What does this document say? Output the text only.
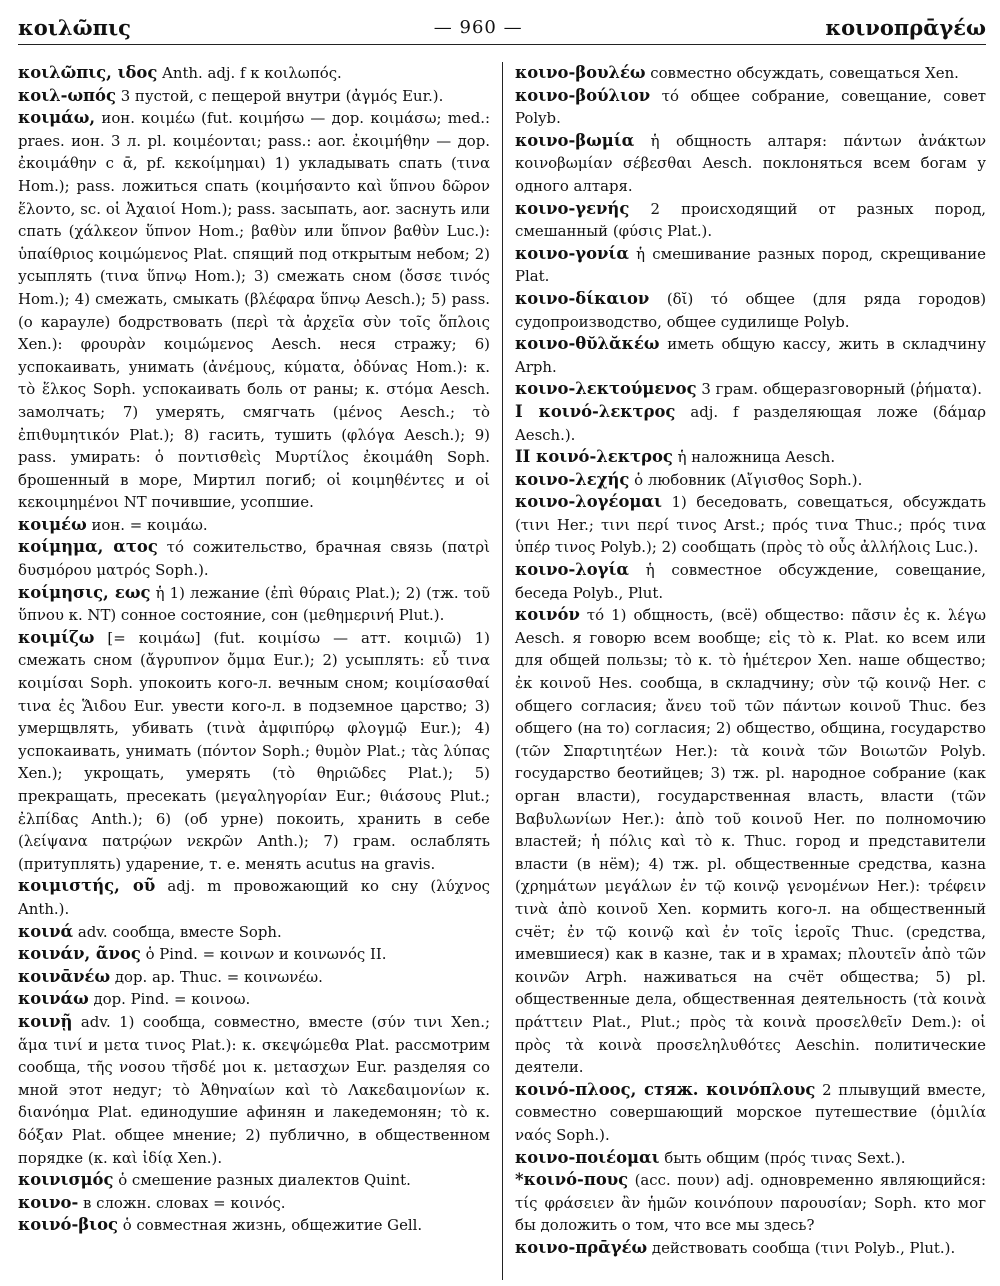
κοιλῶπις	— 960 —	κοινοπρᾱγέω

κοιλῶπις, ιδος Anth. adj. f к κοιλωπός.

κοιλ-ωπός 3 пустой, с пещерой внутри (ἀγμός Eur.).

κοιμάω, ион. κοιμέω (fut. κοιμήσω — дор. κοιμάσω; med.: praes. ион. 3 л. pl. κοιμέονται; pass.: aor. ἐκοιμήθην — дор. ἐκοιμάθην с ᾱ, pf. κεκοίμημαι) 1) укладывать спать (τινα Hom.); pass. ложиться спать (κοιμήσαντο καὶ ὕπνου δῶρον ἕλοντο, sc. οἱ Ἀχαιοί Hom.); pass. засыпать, aor. заснуть или спать (χάλκεον ὕπνον Hom.; βαθὺν или ὕπνον βαθὺν Luc.): ὑπαίθριος κοιμώμενος Plat. спящий под открытым небом; 2) усыплять (τινα ὕπνῳ Hom.); 3) смежать сном (ὄσσε τινός Hom.); 4) смежать, смыкать (βλέφαρα ὕπνῳ Aesch.); 5) pass. (о карауле) бодрствовать (περὶ τὰ ἀρχεῖα σὺν τοῖς ὅπλοις Xen.): φρουρὰν κοιμώμενος Aesch. неся стражу; 6) успокаивать, унимать (ἀνέμους, κύματα, ὀδύνας Hom.): κ. τὸ ἕλκος Soph. успокаивать боль от раны; κ. στόμα Aesch. замолчать; 7) умерять, смягчать (μένος Aesch.; τὸ ἐπιθυμητικόν Plat.); 8) гасить, тушить (φλόγα Aesch.); 9) pass. умирать: ὁ ποντισθεὶς Μυρτίλος ἐκοιμάθη Soph. брошенный в море, Миртил погиб; οἱ κοιμηθέντες и οἱ κεκοιμημένοι NT почившие, усопшие.

κοιμέω ион. = κοιμάω.

κοίμημα, ατος τό сожительство, брачная связь (πατρὶ δυσμόρου ματρός Soph.).

κοίμησις, εως ἡ 1) лежание (ἐπὶ θύραις Plat.); 2) (тж. τοῦ ὕπνου κ. NT) сонное состояние, сон (μεθημερινή Plut.).

κοιμίζω [= κοιμάω] (fut. κοιμίσω — атт. κοιμιῶ) 1) смежать сном (ἄγρυπνον ὄμμα Eur.); 2) усыплять: εὖ τινα κοιμίσαι Soph. упокоить кого-л. вечным сном; κοιμίσασθαί τινα ἐς Ἅιδου Eur. увести кого-л. в подземное царство; 3) умерщвлять, убивать (τινὰ ἀμφιπύρῳ φλογμῷ Eur.); 4) успокаивать, унимать (πόντον Soph.; θυμὸν Plat.; τὰς λύπας Xen.); укрощать, умерять (τὸ θηριῶδες Plat.); 5) прекращать, пресекать (μεγαληγορίαν Eur.; θιάσους Plut.; ἐλπίδας Anth.); 6) (об урне) покоить, хранить в себе (λείψανα πατρῴων νεκρῶν Anth.); 7) грам. ослаблять (притуплять) ударение, т. е. менять acutus на gravis.

κοιμιστής, οῦ adj. m провожающий ко сну (λύχνος Anth.).

κοινά adv. сообща, вместе Soph.

κοινάν, ᾶνος ὁ Pind. = κοινων и κοινωνός II.

κοινᾱνέω дор. ap. Thuc. = κοινωνέω.

κοινάω дор. Pind. = κοινοω.

κοινῇ adv. 1) сообща, совместно, вместе (σύν τινι Xen.; ἅμα τινί и μετα τινος Plat.): κ. σκεψώμεθα Plat. рассмотрим сообща, τῆς νοσου τῆσδέ μοι κ. μετασχων Eur. разделяя со мной этот недуг; τὸ Ἀθηναίων καὶ τὸ Λακεδαιμονίων κ. διανόημα Plat. единодушие афинян и лакедемонян; τὸ κ. δόξαν Plat. общее мнение; 2) публично, в общественном порядке (κ. καὶ ἰδίᾳ Xen.).

κοινισμός ὁ смешение разных диалектов Quint.

κοινο- в сложн. словах = κοινός.

κοινό-βιος ὁ совместная жизнь, общежитие Gell.

κοινο-βουλέω совместно обсуждать, совещаться Xen.

κοινο-βούλιον τό общее собрание, совещание, совет Polyb.

κοινο-βωμία ἡ общность алтаря: πάντων ἀνάκτων κοινοβωμίαν σέβεσθαι Aesch. поклоняться всем богам у одного алтаря.

κοινο-γενής 2 происходящий от разных пород, смешанный (φύσις Plat.).

κοινο-γονία ἡ смешивание разных пород, скрещивание Plat.

κοινο-δίκαιον (δῐ) τό общее (для ряда городов) судопроизводство, общее судилище Polyb.

κοινο-θῠλᾰκέω иметь общую кассу, жить в складчину Arph.

κοινο-λεκτούμενος 3 грам. общеразговорный (ῥήματα).

I κοινό-λεκτρος adj. f разделяющая ложе (δάμαρ Aesch.).

II κοινό-λεκτρος ἡ наложница Aesch.

κοινο-λεχής ὁ любовник (Αἴγισθος Soph.).

κοινο-λογέομαι 1) беседовать, совещаться, обсуждать (τινι Her.; τινι περί τινος Arst.; πρός τινα Thuc.; πρός τινα ὑπέρ τινος Polyb.); 2) сообщать (πρὸς τὸ οὖς ἀλλήλοις Luc.).

κοινο-λογία ἡ совместное обсуждение, совещание, беседа Polyb., Plut.

κοινόν τό 1) общность, (всё) общество: πᾶσιν ἐς κ. λέγω Aesch. я говорю всем вообще; εἰς τὸ κ. Plat. ко всем или для общей пользы; τὸ κ. τὸ ἡμέτερον Xen. наше общество; ἐκ κοινοῦ Hes. сообща, в складчину; σὺν τῷ κοινῷ Her. с общего согласия; ἄνευ τοῦ τῶν πάντων κοινοῦ Thuc. без общего (на то) согласия; 2) общество, община, государство (τῶν Σπαρτιητέων Her.): τὰ κοινὰ τῶν Βοιωτῶν Polyb. государство беотийцев; 3) тж. pl. народное собрание (как орган власти), государственная власть, власти (τῶν Βαβυλωνίων Her.): ἀπὸ τοῦ κοινοῦ Her. по полномочию властей; ἡ πόλις καὶ τὸ κ. Thuc. город и представители власти (в нём); 4) тж. pl. общественные средства, казна (χρημάτων μεγάλων ἐν τῷ κοινῷ γενομένων Her.): τρέφειν τινὰ ἀπὸ κοινοῦ Xen. кормить кого-л. на общественный счёт; ἐν τῷ κοινῷ καὶ ἐν τοῖς ἱεροῖς Thuc. (средства, имевшиеся) как в казне, так и в храмах; πλουτεῖν ἀπὸ τῶν κοινῶν Arph. наживаться на счёт общества; 5) pl. общественные дела, общественная деятельность (τὰ κοινὰ πράττειν Plat., Plut.; πρὸς τὰ κοινὰ προσελθεῖν Dem.): οἱ πρὸς τὰ κοινὰ προσεληλυθότες Aeschin. политические деятели.

κοινό-πλοος, стяж. κοινόπλους 2 плывущий вместе, совместно совершающий морское путешествие (ὁμιλία ναός Soph.).

κοινο-ποιέομαι быть общим (πρός τινας Sext.).

*κοινό-πους (acc. πουν) adj. одновременно являющийся: τίς φράσειεν ἂν ἡμῶν κοινόπουν παρουσίαν; Soph. кто мог бы доложить о том, что все мы здесь?

κοινο-πρᾱγέω действовать сообща (τινι Polyb., Plut.).
